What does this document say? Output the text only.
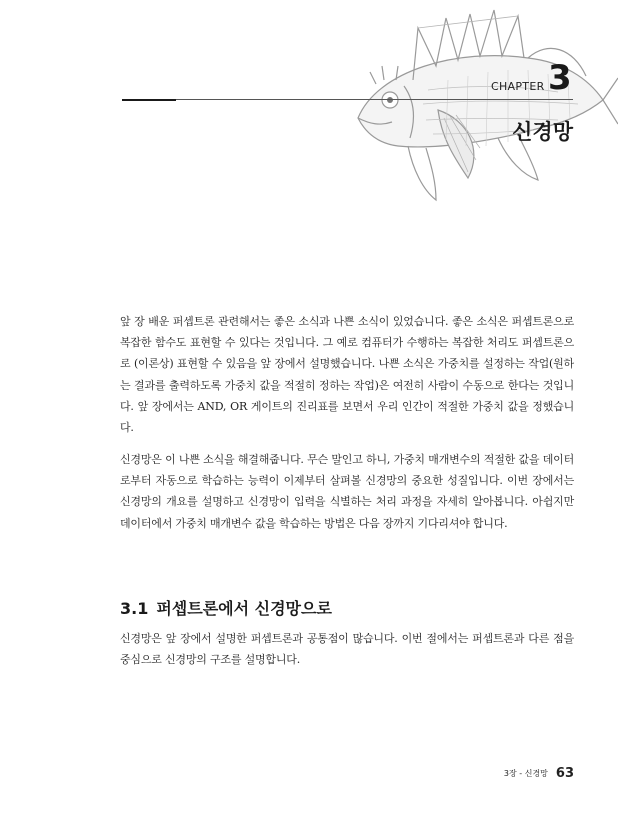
CHAPTER 3
신경망

앞 장 배운 퍼셉트론 관련해서는 좋은 소식과 나쁜 소식이 있었습니다. 좋은 소식은 퍼셉트론으로 복잡한 함수도 표현할 수 있다는 것입니다. 그 예로 컴퓨터가 수행하는 복잡한 처리도 퍼셉트론으로 (이론상) 표현할 수 있음을 앞 장에서 설명했습니다. 나쁜 소식은 가중치를 설정하는 작업(원하는 결과를 출력하도록 가중치 값을 적절히 정하는 작업)은 여전히 사람이 수동으로 한다는 것입니다. 앞 장에서는 AND, OR 게이트의 진리표를 보면서 우리 인간이 적절한 가중치 값을 정했습니다.

신경망은 이 나쁜 소식을 해결해줍니다. 무슨 말인고 하니, 가중치 매개변수의 적절한 값을 데이터로부터 자동으로 학습하는 능력이 이제부터 살펴볼 신경망의 중요한 성질입니다. 이번 장에서는 신경망의 개요를 설명하고 신경망이 입력을 식별하는 처리 과정을 자세히 알아봅니다. 아쉽지만 데이터에서 가중치 매개변수 값을 학습하는 방법은 다음 장까지 기다리셔야 합니다.

3.1 퍼셉트론에서 신경망으로

신경망은 앞 장에서 설명한 퍼셉트론과 공통점이 많습니다. 이번 절에서는 퍼셉트론과 다른 점을 중심으로 신경망의 구조를 설명합니다.

3장 - 신경망 63
